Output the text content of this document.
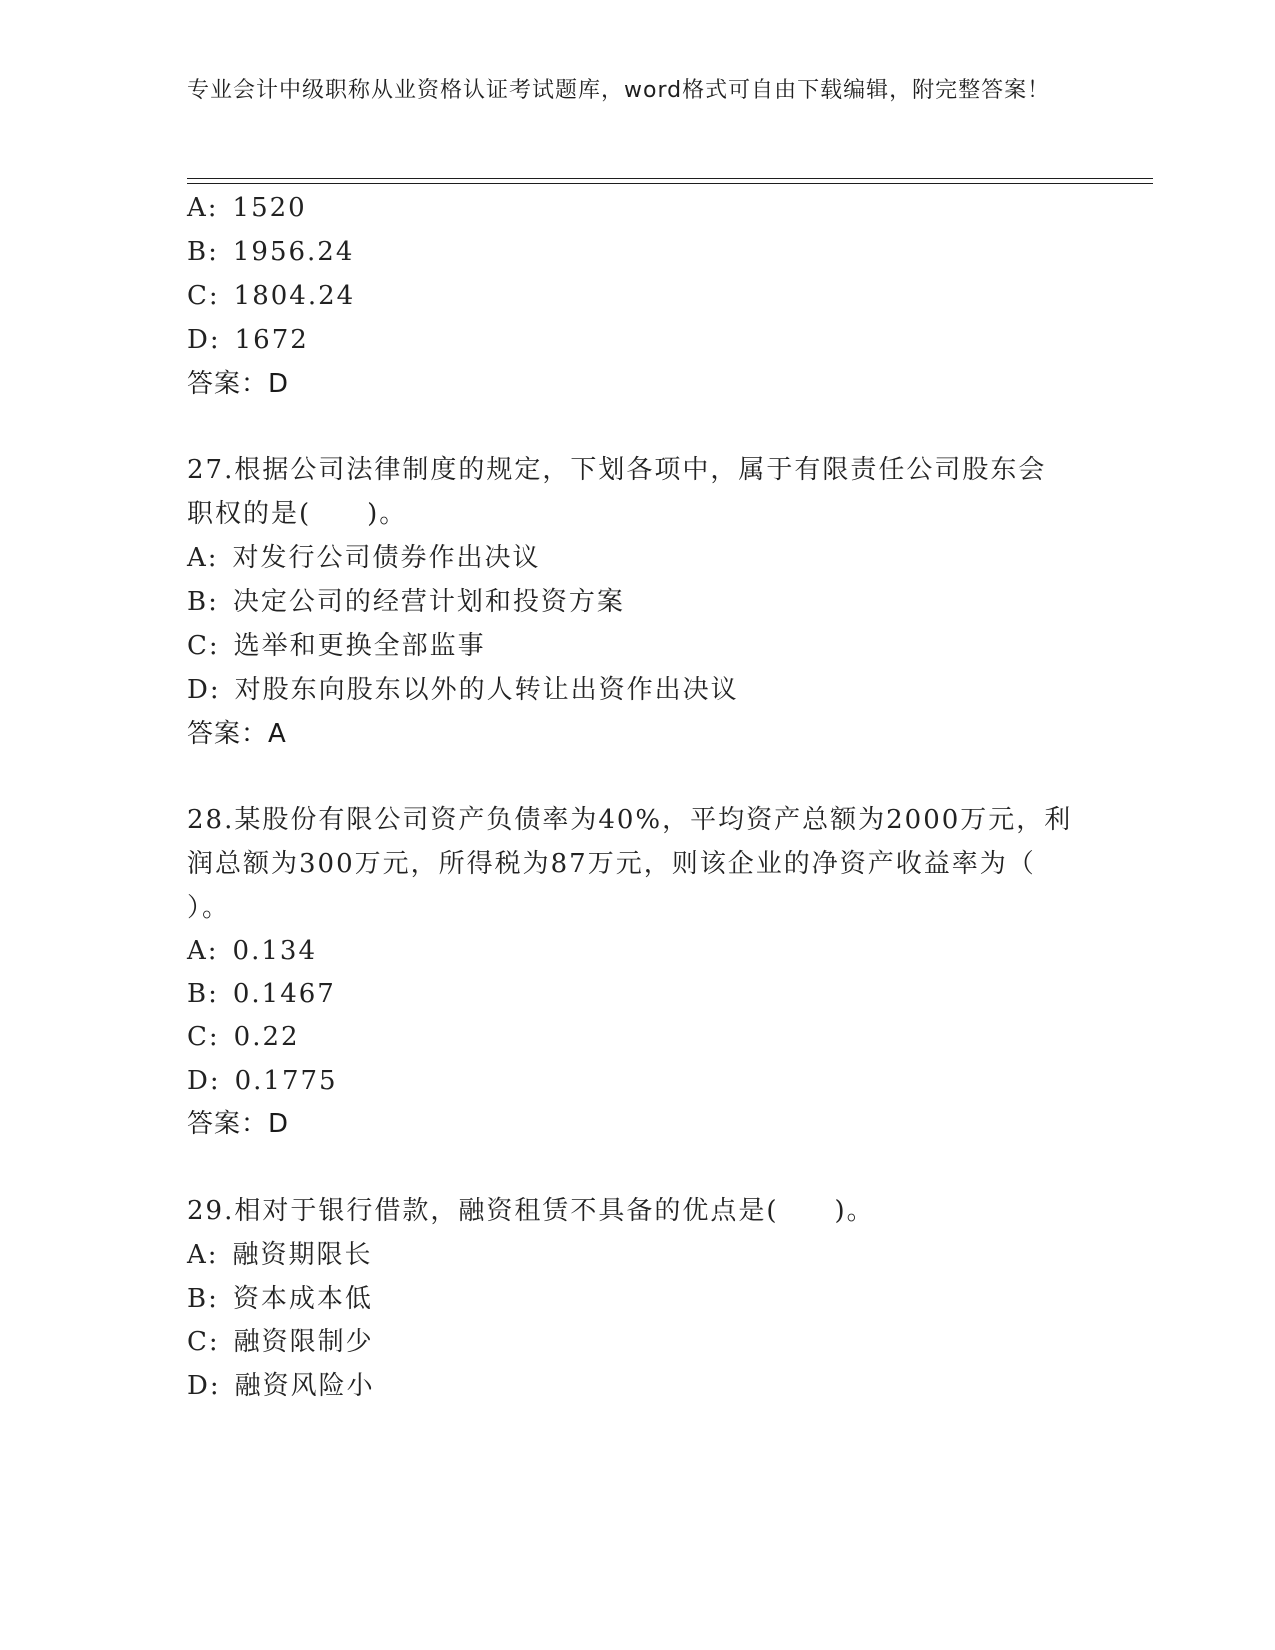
专业会计中级职称从业资格认证考试题库，word格式可自由下载编辑，附完整答案！
A: 1520
B: 1956.24
C: 1804.24
D: 1672
答案：D
27.根据公司法律制度的规定，下划各项中，属于有限责任公司股东会
职权的是(　　)。
A: 对发行公司债券作出决议
B: 决定公司的经营计划和投资方案
C: 选举和更换全部监事
D: 对股东向股东以外的人转让出资作出决议
答案：A
28.某股份有限公司资产负债率为40%，平均资产总额为2000万元，利
润总额为300万元，所得税为87万元，则该企业的净资产收益率为（
）。
A: 0.134
B: 0.1467
C: 0.22
D: 0.1775
答案：D
29.相对于银行借款，融资租赁不具备的优点是(　　)。
A: 融资期限长
B: 资本成本低
C: 融资限制少
D: 融资风险小
